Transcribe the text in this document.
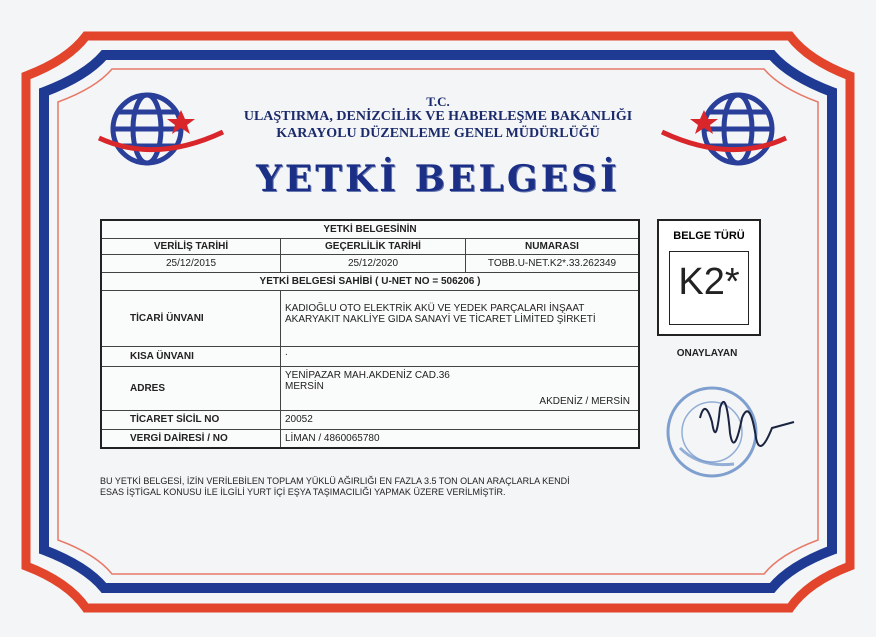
T.C.
ULAŞTIRMA, DENİZCİLİK VE HABERLEŞME BAKANLIĞI
KARAYOLU DÜZENLEME GENEL MÜDÜRLÜĞÜ
YETKİ BELGESİ
YETKİ BELGESİNİN		
VERİLİŞ TARİHİ	GEÇERLİLİK TARİHİ	NUMARASI
25/12/2015	25/12/2020	TOBB.U-NET.K2*.33.262349
YETKİ BELGESİ SAHİBİ ( U-NET NO = 506206 )		
TİCARİ ÜNVANI	KADIOĞLU OTO ELEKTRİK AKÜ VE YEDEK PARÇALARI İNŞAAT
AKARYAKIT NAKLİYE GIDA SANAYİ VE TİCARET LİMİTED ŞİRKETİ	

KISA ÜNVANI	.	
ADRES	YENİPAZAR MAH.AKDENİZ CAD.36
MERSİN
AKDENİZ / MERSİN	

TİCARET SİCİL NO	20052	
VERGİ DAİRESİ / NO	LİMAN / 4860065780	
BU YETKİ BELGESİ, İZİN VERİLEBİLEN TOPLAM YÜKLÜ AĞIRLIĞI EN FAZLA 3.5 TON OLAN ARAÇLARLA KENDİ
ESAS İŞTİGAL KONUSU İLE İLGİLİ YURT İÇİ EŞYA TAŞIMACILIĞI YAPMAK ÜZERE VERİLMİŞTİR.
BELGE TÜRÜ
K2*
ONAYLAYAN
